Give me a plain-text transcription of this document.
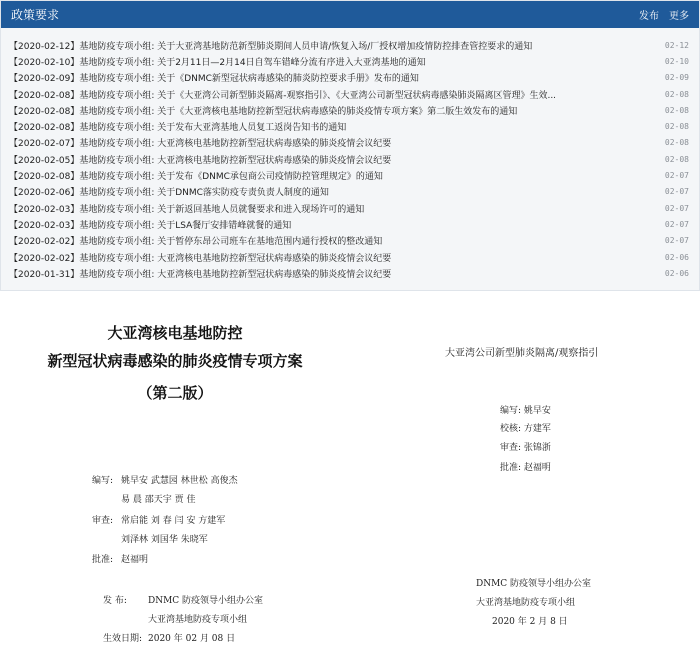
政策要求	发布 更多
【2020-02-12】 基地防疫专项小组: 关于大亚湾基地防范新型肺炎期间人员申请/恢复入场/厂授权增加疫情防控排查管控要求的通知	02-12
【2020-02-10】 基地防疫专项小组: 关于2月11日—2月14日自驾车错峰分流有序进入大亚湾基地的通知	02-10
【2020-02-09】 基地防疫专项小组: 关于《DNMC新型冠状病毒感染的肺炎防控要求手册》发布的通知	02-09
【2020-02-08】 基地防疫专项小组: 关于《大亚湾公司新型肺炎隔离-观察指引》、《大亚湾公司新型冠状病毒感染肺炎隔离区管理》生效...	02-08
【2020-02-08】 基地防疫专项小组: 关于《大亚湾核电基地防控新型冠状病毒感染的肺炎疫情专项方案》第二版生效发布的通知	02-08
【2020-02-08】 基地防疫专项小组: 关于发布大亚湾基地人员复工返岗告知书的通知	02-08
【2020-02-07】 基地防疫专项小组: 大亚湾核电基地防控新型冠状病毒感染的肺炎疫情会议纪要	02-08
【2020-02-05】 基地防疫专项小组: 大亚湾核电基地防控新型冠状病毒感染的肺炎疫情会议纪要	02-08
【2020-02-08】 基地防疫专项小组: 关于发布《DNMC承包商公司疫情防控管理规定》的通知	02-07
【2020-02-06】 基地防疫专项小组: 关于DNMC落实防疫专责负责人制度的通知	02-07
【2020-02-03】 基地防疫专项小组: 关于新返回基地人员就餐要求和进入现场许可的通知	02-07
【2020-02-03】 基地防疫专项小组: 关于LSA餐厅安排错峰就餐的通知	02-07
【2020-02-02】 基地防疫专项小组: 关于暂停东昂公司班车在基地范围内通行授权的整改通知	02-07
【2020-02-02】 基地防疫专项小组: 大亚湾核电基地防控新型冠状病毒感染的肺炎疫情会议纪要	02-06
【2020-01-31】 基地防疫专项小组: 大亚湾核电基地防控新型冠状病毒感染的肺炎疫情会议纪要	02-06
大亚湾核电基地防控
新型冠状病毒感染的肺炎疫情专项方案
（第二版）
编写: 姚早安 武慧园 林世松 高俊杰
易 晨 邵天宇 贾 佳
审查: 常启能 刘 春 闫 安 方建军
刘泽林 刘国华 朱晓军
批准: 赵福明
发 布: DNMC 防疫领导小组办公室
大亚湾基地防疫专项小组
生效日期: 2020 年 02 月 08 日
大亚湾公司新型肺炎隔离/观察指引
编写: 姚早安
校核: 方建军
审查: 张锦浙
批准: 赵福明
DNMC 防疫领导小组办公室
大亚湾基地防疫专项小组
2020 年 2 月 8 日
